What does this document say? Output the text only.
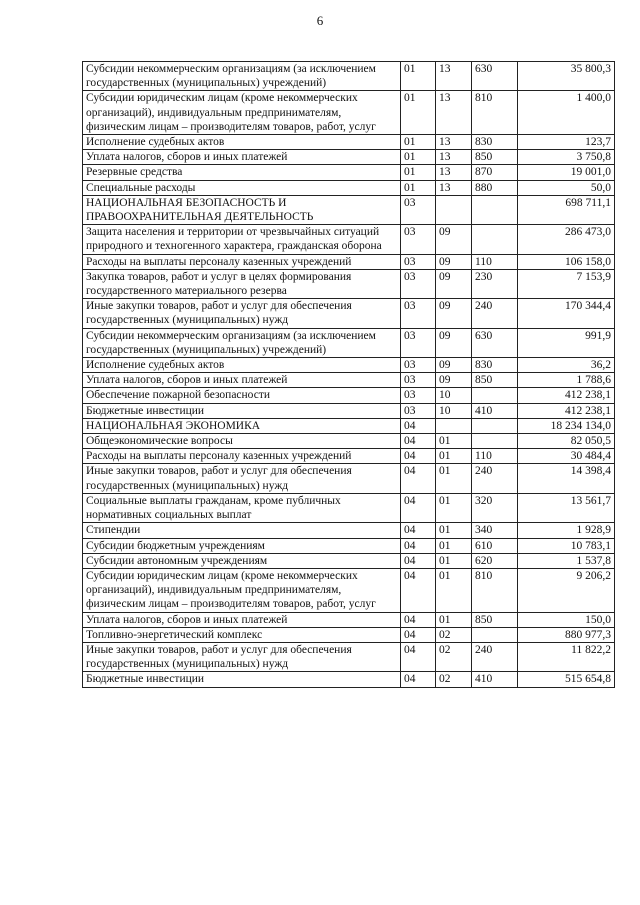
6
Субсидии некоммерческим организациям (за исключением государственных (муниципальных) учреждений)	01	13	630	35 800,3
Субсидии юридическим лицам (кроме некоммерческих организаций), индивидуальным предпринимателям, физическим лицам – производителям товаров, работ, услуг	01	13	810	1 400,0
Исполнение судебных актов	01	13	830	123,7
Уплата налогов, сборов и иных платежей	01	13	850	3 750,8
Резервные средства	01	13	870	19 001,0
Специальные расходы	01	13	880	50,0
НАЦИОНАЛЬНАЯ БЕЗОПАСНОСТЬ И ПРАВООХРАНИТЕЛЬНАЯ ДЕЯТЕЛЬНОСТЬ	03			698 711,1
Защита населения и территории от чрезвычайных ситуаций природного и техногенного характера, гражданская оборона	03	09		286 473,0
Расходы на выплаты персоналу казенных учреждений	03	09	110	106 158,0
Закупка товаров, работ и услуг в целях формирования государственного материального резерва	03	09	230	7 153,9
Иные закупки товаров, работ и услуг для обеспечения государственных (муниципальных) нужд	03	09	240	170 344,4
Субсидии некоммерческим организациям (за исключением государственных (муниципальных) учреждений)	03	09	630	991,9
Исполнение судебных актов	03	09	830	36,2
Уплата налогов, сборов и иных платежей	03	09	850	1 788,6
Обеспечение пожарной безопасности	03	10		412 238,1
Бюджетные инвестиции	03	10	410	412 238,1
НАЦИОНАЛЬНАЯ ЭКОНОМИКА	04			18 234 134,0
Общеэкономические вопросы	04	01		82 050,5
Расходы на выплаты персоналу казенных учреждений	04	01	110	30 484,4
Иные закупки товаров, работ и услуг для обеспечения государственных (муниципальных) нужд	04	01	240	14 398,4
Социальные выплаты гражданам, кроме публичных нормативных социальных выплат	04	01	320	13 561,7
Стипендии	04	01	340	1 928,9
Субсидии бюджетным учреждениям	04	01	610	10 783,1
Субсидии автономным учреждениям	04	01	620	1 537,8
Субсидии юридическим лицам (кроме некоммерческих организаций), индивидуальным предпринимателям, физическим лицам – производителям товаров, работ, услуг	04	01	810	9 206,2
Уплата налогов, сборов и иных платежей	04	01	850	150,0
Топливно-энергетический комплекс	04	02		880 977,3
Иные закупки товаров, работ и услуг для обеспечения государственных (муниципальных) нужд	04	02	240	11 822,2
Бюджетные инвестиции	04	02	410	515 654,8
